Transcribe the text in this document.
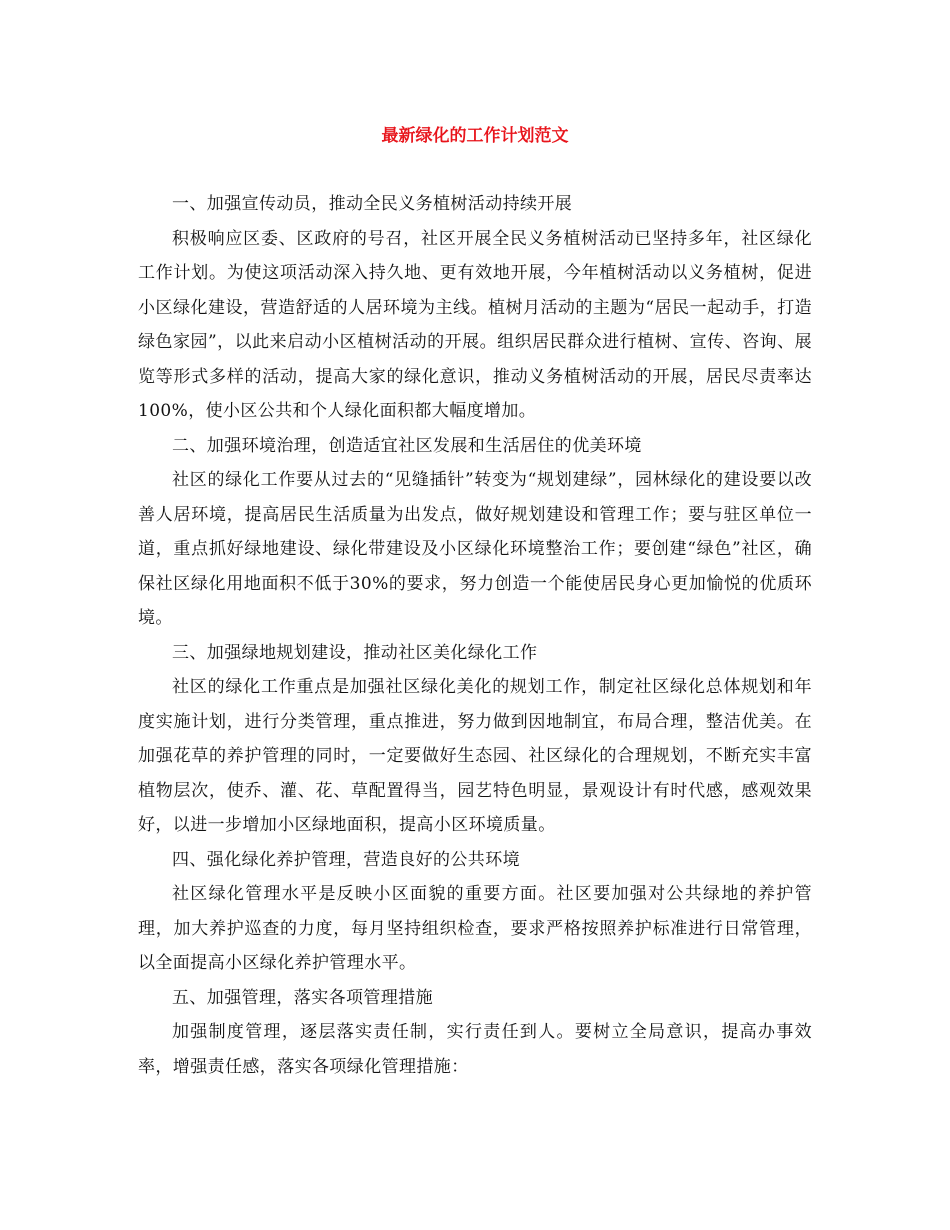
最新绿化的工作计划范文

一、加强宣传动员，推动全民义务植树活动持续开展

积极响应区委、区政府的号召，社区开展全民义务植树活动已坚持多年，社区绿化工作计划。为使这项活动深入持久地、更有效地开展，今年植树活动以义务植树，促进小区绿化建设，营造舒适的人居环境为主线。植树月活动的主题为“居民一起动手，打造绿色家园”，以此来启动小区植树活动的开展。组织居民群众进行植树、宣传、咨询、展览等形式多样的活动，提高大家的绿化意识，推动义务植树活动的开展，居民尽责率达100%，使小区公共和个人绿化面积都大幅度增加。

二、加强环境治理，创造适宜社区发展和生活居住的优美环境

社区的绿化工作要从过去的“见缝插针”转变为“规划建绿”，园林绿化的建设要以改善人居环境，提高居民生活质量为出发点，做好规划建设和管理工作；要与驻区单位一道，重点抓好绿地建设、绿化带建设及小区绿化环境整治工作；要创建“绿色”社区，确保社区绿化用地面积不低于30%的要求，努力创造一个能使居民身心更加愉悦的优质环境。

三、加强绿地规划建设，推动社区美化绿化工作

社区的绿化工作重点是加强社区绿化美化的规划工作，制定社区绿化总体规划和年度实施计划，进行分类管理，重点推进，努力做到因地制宜，布局合理，整洁优美。在加强花草的养护管理的同时，一定要做好生态园、社区绿化的合理规划，不断充实丰富植物层次，使乔、灌、花、草配置得当，园艺特色明显，景观设计有时代感，感观效果好，以进一步增加小区绿地面积，提高小区环境质量。

四、强化绿化养护管理，营造良好的公共环境

社区绿化管理水平是反映小区面貌的重要方面。社区要加强对公共绿地的养护管理，加大养护巡查的力度，每月坚持组织检查，要求严格按照养护标准进行日常管理，以全面提高小区绿化养护管理水平。

五、加强管理，落实各项管理措施

加强制度管理，逐层落实责任制，实行责任到人。要树立全局意识，提高办事效率，增强责任感，落实各项绿化管理措施：
